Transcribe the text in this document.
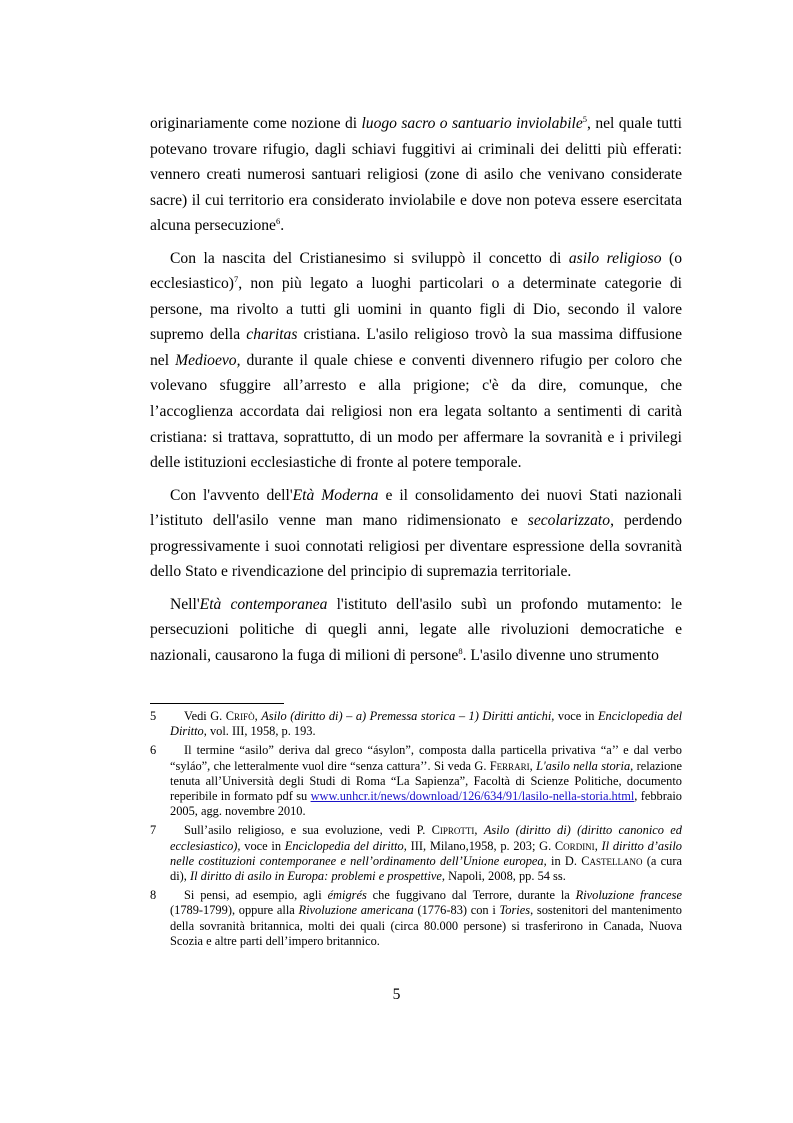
originariamente come nozione di luogo sacro o santuario inviolabile$^5$, nel quale tutti potevano trovare rifugio, dagli schiavi fuggitivi ai criminali dei delitti più efferati: vennero creati numerosi santuari religiosi (zone di asilo che venivano considerate sacre) il cui territorio era considerato inviolabile e dove non poteva essere esercitata alcuna persecuzione$^6$.

Con la nascita del Cristianesimo si sviluppò il concetto di asilo religioso (o ecclesiastico)$^7$, non più legato a luoghi particolari o a determinate categorie di persone, ma rivolto a tutti gli uomini in quanto figli di Dio, secondo il valore supremo della charitas cristiana. L'asilo religioso trovò la sua massima diffusione nel Medioevo, durante il quale chiese e conventi divennero rifugio per coloro che volevano sfuggire all’arresto e alla prigione; c'è da dire, comunque, che l’accoglienza accordata dai religiosi non era legata soltanto a sentimenti di carità cristiana: si trattava, soprattutto, di un modo per affermare la sovranità e i privilegi delle istituzioni ecclesiastiche di fronte al potere temporale.

Con l'avvento dell'Età Moderna e il consolidamento dei nuovi Stati nazionali l’istituto dell'asilo venne man mano ridimensionato e secolarizzato, perdendo progressivamente i suoi connotati religiosi per diventare espressione della sovranità dello Stato e rivendicazione del principio di supremazia territoriale.

Nell'Età contemporanea l'istituto dell'asilo subì un profondo mutamento: le persecuzioni politiche di quegli anni, legate alle rivoluzioni democratiche e nazionali, causarono la fuga di milioni di persone$^8$. L'asilo divenne uno strumento

5	Vedi G. Crifò, Asilo (diritto di) – a) Premessa storica – 1) Diritti antichi, voce in Enciclopedia del Diritto, vol. III, 1958, p. 193.

6	Il termine “asilo” deriva dal greco “ásylon”, composta dalla particella privativa “a’’ e dal verbo “syláo”, che letteralmente vuol dire “senza cattura’’. Si veda G. Ferrari, L'asilo nella storia, relazione tenuta all’Università degli Studi di Roma “La Sapienza”, Facoltà di Scienze Politiche, documento reperibile in formato pdf su www.unhcr.it/news/download/126/634/91/lasilo-nella-storia.html, febbraio 2005, agg. novembre 2010.

7	Sull’asilo religioso, e sua evoluzione, vedi P. Ciprotti, Asilo (diritto di) (diritto canonico ed ecclesiastico), voce in Enciclopedia del diritto, III, Milano,1958, p. 203; G. Cordini, Il diritto d’asilo nelle costituzioni contemporanee e nell’ordinamento dell’Unione europea, in D. Castellano (a cura di), Il diritto di asilo in Europa: problemi e prospettive, Napoli, 2008, pp. 54 ss.

8	Si pensi, ad esempio, agli émigrés che fuggivano dal Terrore, durante la Rivoluzione francese (1789-1799), oppure alla Rivoluzione americana (1776-83) con i Tories, sostenitori del mantenimento della sovranità britannica, molti dei quali (circa 80.000 persone) si trasferirono in Canada, Nuova Scozia e altre parti dell’impero britannico.

5
